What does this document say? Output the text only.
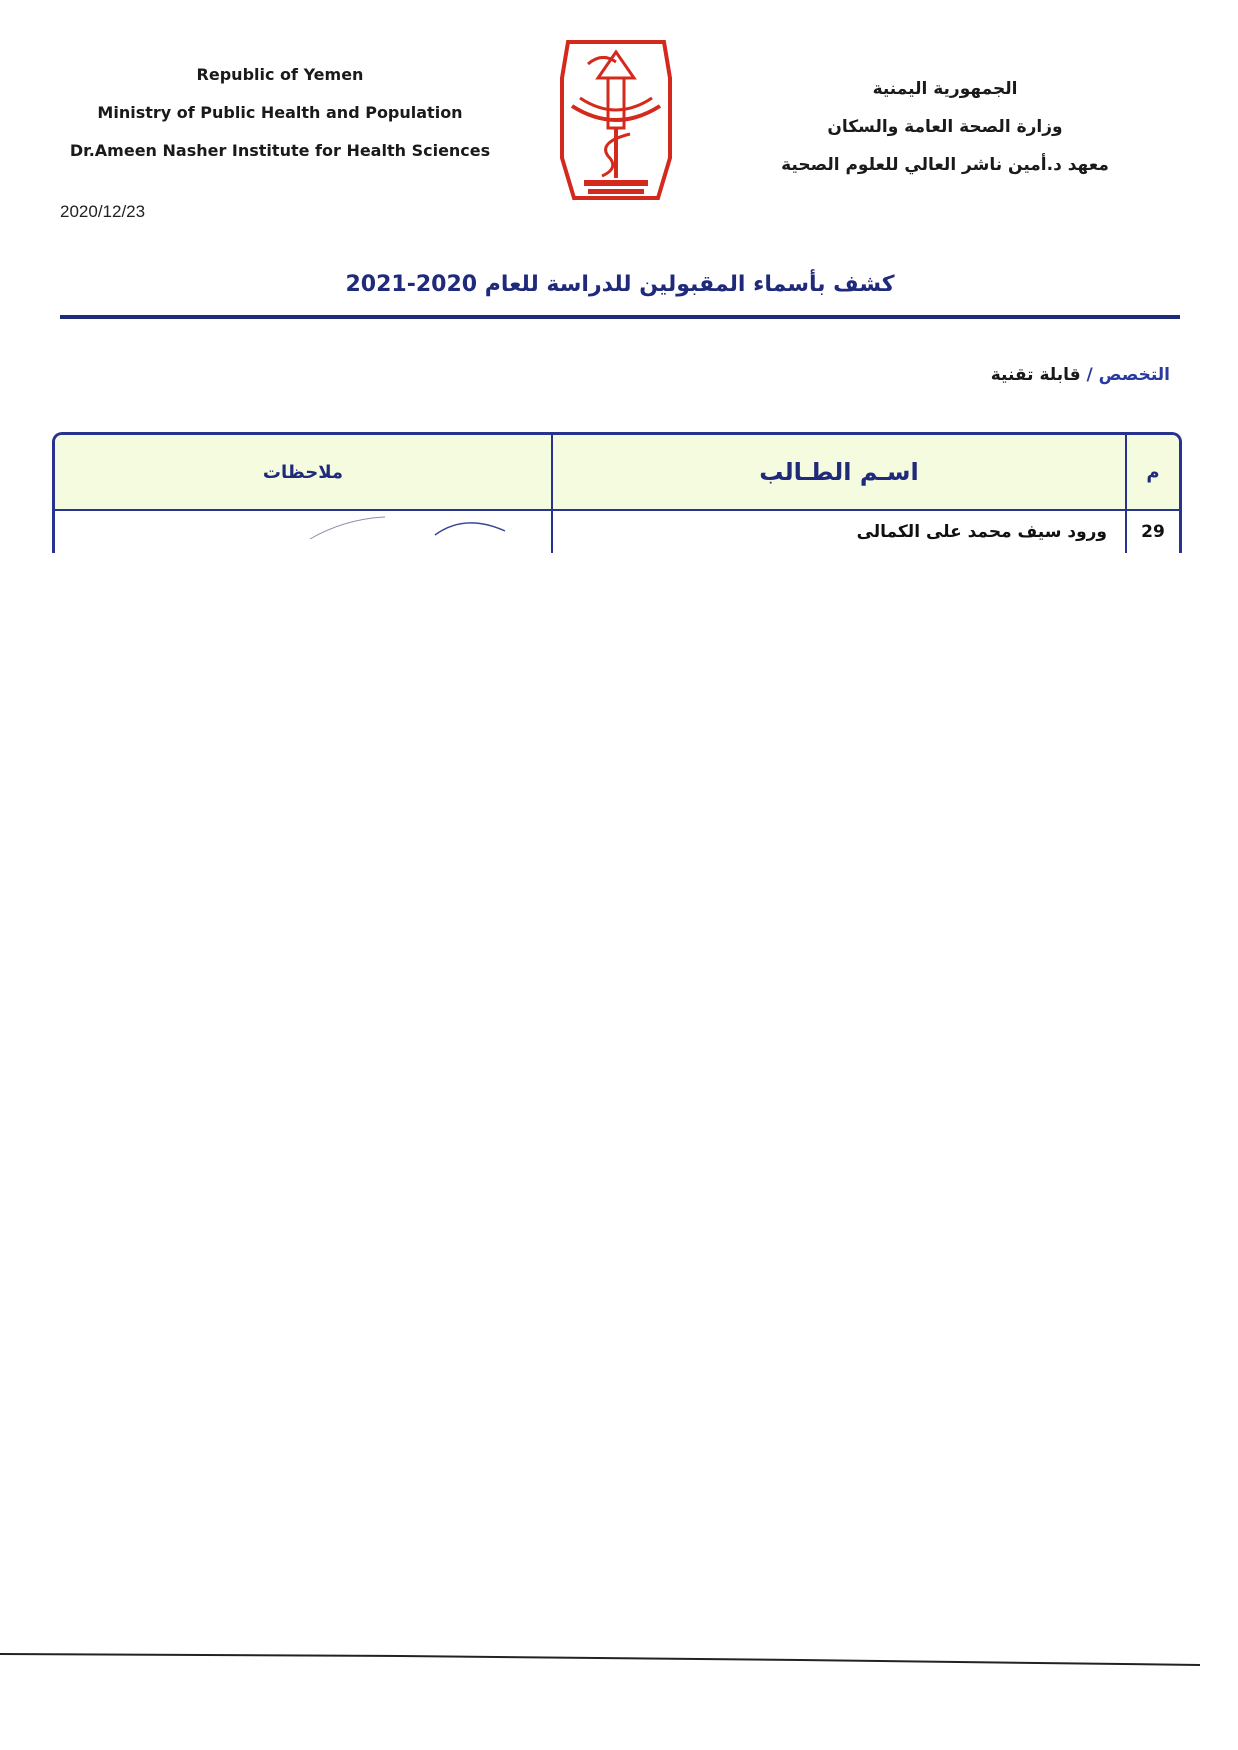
Republic of Yemen
Ministry of Public Health and Population
Dr.Ameen Nasher Institute for Health Sciences
الجمهورية اليمنية
وزارة الصحة العامة والسكان
معهد د.أمين ناشر العالي للعلوم الصحية
2020/12/23
كشف بأسماء المقبولين للدراسة للعام 2020-2021
التخصص / قابلة تقنية
م	اسـم الطـالب	ملاحظات
29	ورود سيف محمد على الكمالى	
